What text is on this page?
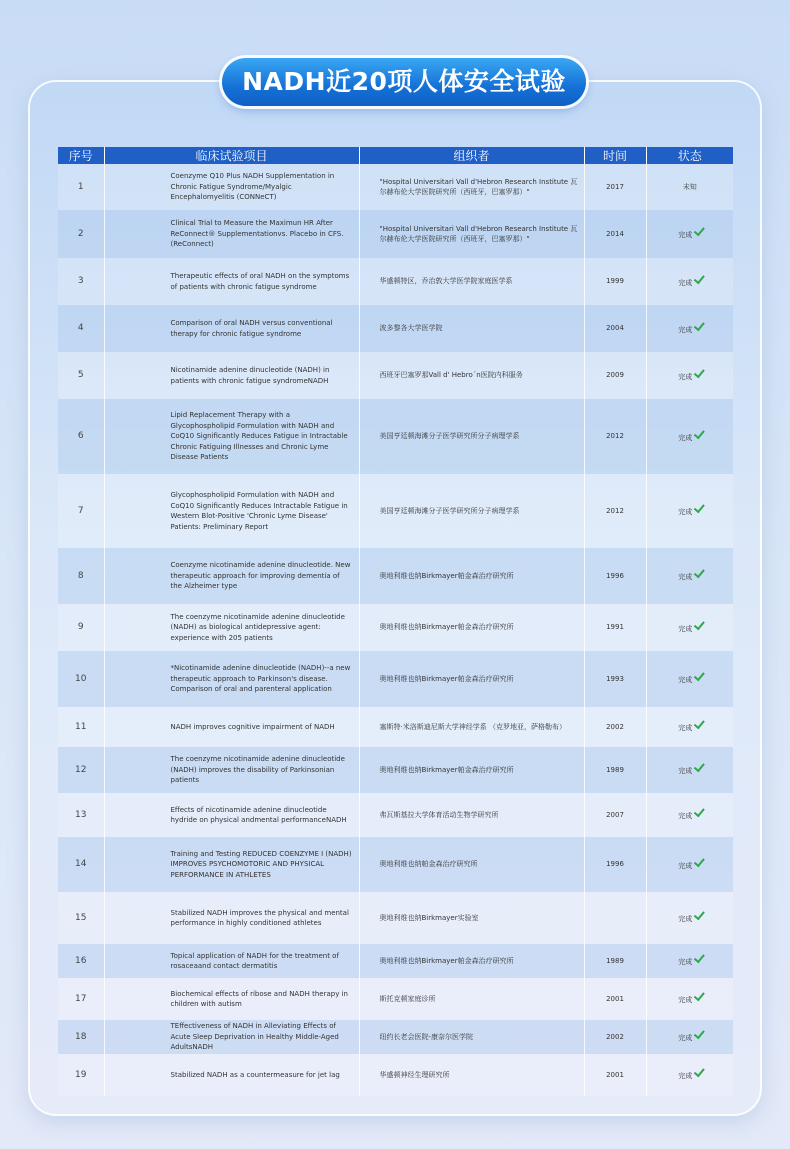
NADH近20项人体安全试验
序号	临床试验项目	组织者	时间	状态
1	Coenzyme Q10 Plus NADH Supplementation in Chronic Fatigue Syndrome/Myalgic Encephalomyelitis (CONNeCT)	"Hospital Universitari Vall d'Hebron Research Institute 瓦尔赫布伦大学医院研究所（西班牙，巴塞罗那）"	2017	未知
2	Clinical Trial to Measure the Maximun HR After ReConnect® Supplementationvs. Placebo in CFS. (ReConnect)	"Hospital Universitari Vall d'Hebron Research Institute 瓦尔赫布伦大学医院研究所（西班牙，巴塞罗那）"	2014	完成
3	Therapeutic effects of oral NADH on the symptoms of patients with chronic fatigue syndrome	华盛顿特区，乔治敦大学医学院家庭医学系	1999	完成
4	Comparison of oral NADH versus conventional therapy for chronic fatigue syndrome	波多黎各大学医学院	2004	完成
5	Nicotinamide adenine dinucleotide (NADH) in patients with chronic fatigue syndromeNADH	西班牙巴塞罗那Vall d' Hebro´n医院内科服务	2009	完成
6	Lipid Replacement Therapy with a Glycophospholipid Formulation with NADH and CoQ10 Significantly Reduces Fatigue in Intractable Chronic Fatiguing Illnesses and Chronic Lyme Disease Patients	美国亨廷顿海滩分子医学研究所分子病理学系	2012	完成
7	Glycophospholipid Formulation with NADH and CoQ10 Significantly Reduces Intractable Fatigue in Western Blot-Positive 'Chronic Lyme Disease' Patients: Preliminary Report	美国亨廷顿海滩分子医学研究所分子病理学系	2012	完成
8	Coenzyme nicotinamide adenine dinucleotide. New therapeutic approach for improving dementia of the Alzheimer type	奥地利维也纳Birkmayer帕金森治疗研究所	1996	完成
9	The coenzyme nicotinamide adenine dinucleotide (NADH) as biological antidepressive agent: experience with 205 patients	奥地利维也纳Birkmayer帕金森治疗研究所	1991	完成
10	*Nicotinamide adenine dinucleotide (NADH)--a new therapeutic approach to Parkinson's disease. Comparison of oral and parenteral application	奥地利维也纳Birkmayer帕金森治疗研究所	1993	完成
11	NADH improves cognitive impairment of NADH	塞斯特·米洛斯迪尼斯大学神经学系 （克罗地亚，萨格勒布）	2002	完成
12	The coenzyme nicotinamide adenine dinucleotide (NADH) improves the disability of Parkinsonian patients	奥地利维也纳Birkmayer帕金森治疗研究所	1989	完成
13	Effects of nicotinamide adenine dinucleotide hydride on physical andmental performanceNADH	弗瓦斯基拉大学体育活动生物学研究所	2007	完成
14	Training and Testing REDUCED COENZYME I (NADH) IMPROVES PSYCHOMOTORIC AND PHYSICAL PERFORMANCE IN ATHLETES	奥地利维也纳帕金森治疗研究所	1996	完成
15	Stabilized NADH improves the physical and mental performance in highly conditioned athletes	奥地利维也纳Birkmayer实验室		完成
16	Topical application of NADH for the treatment of rosaceaand contact dermatitis	奥地利维也纳Birkmayer帕金森治疗研究所	1989	完成
17	Biochemical effects of ribose and NADH therapy in children with autism	斯托克顿家庭诊所	2001	完成
18	TEffectiveness of NADH in Alleviating Effects of Acute Sleep Deprivation in Healthy Middle-Aged AdultsNADH	纽约长老会医院-康奈尔医学院	2002	完成
19	Stabilized NADH as a countermeasure for jet lag	华盛顿神经生理研究所	2001	完成
